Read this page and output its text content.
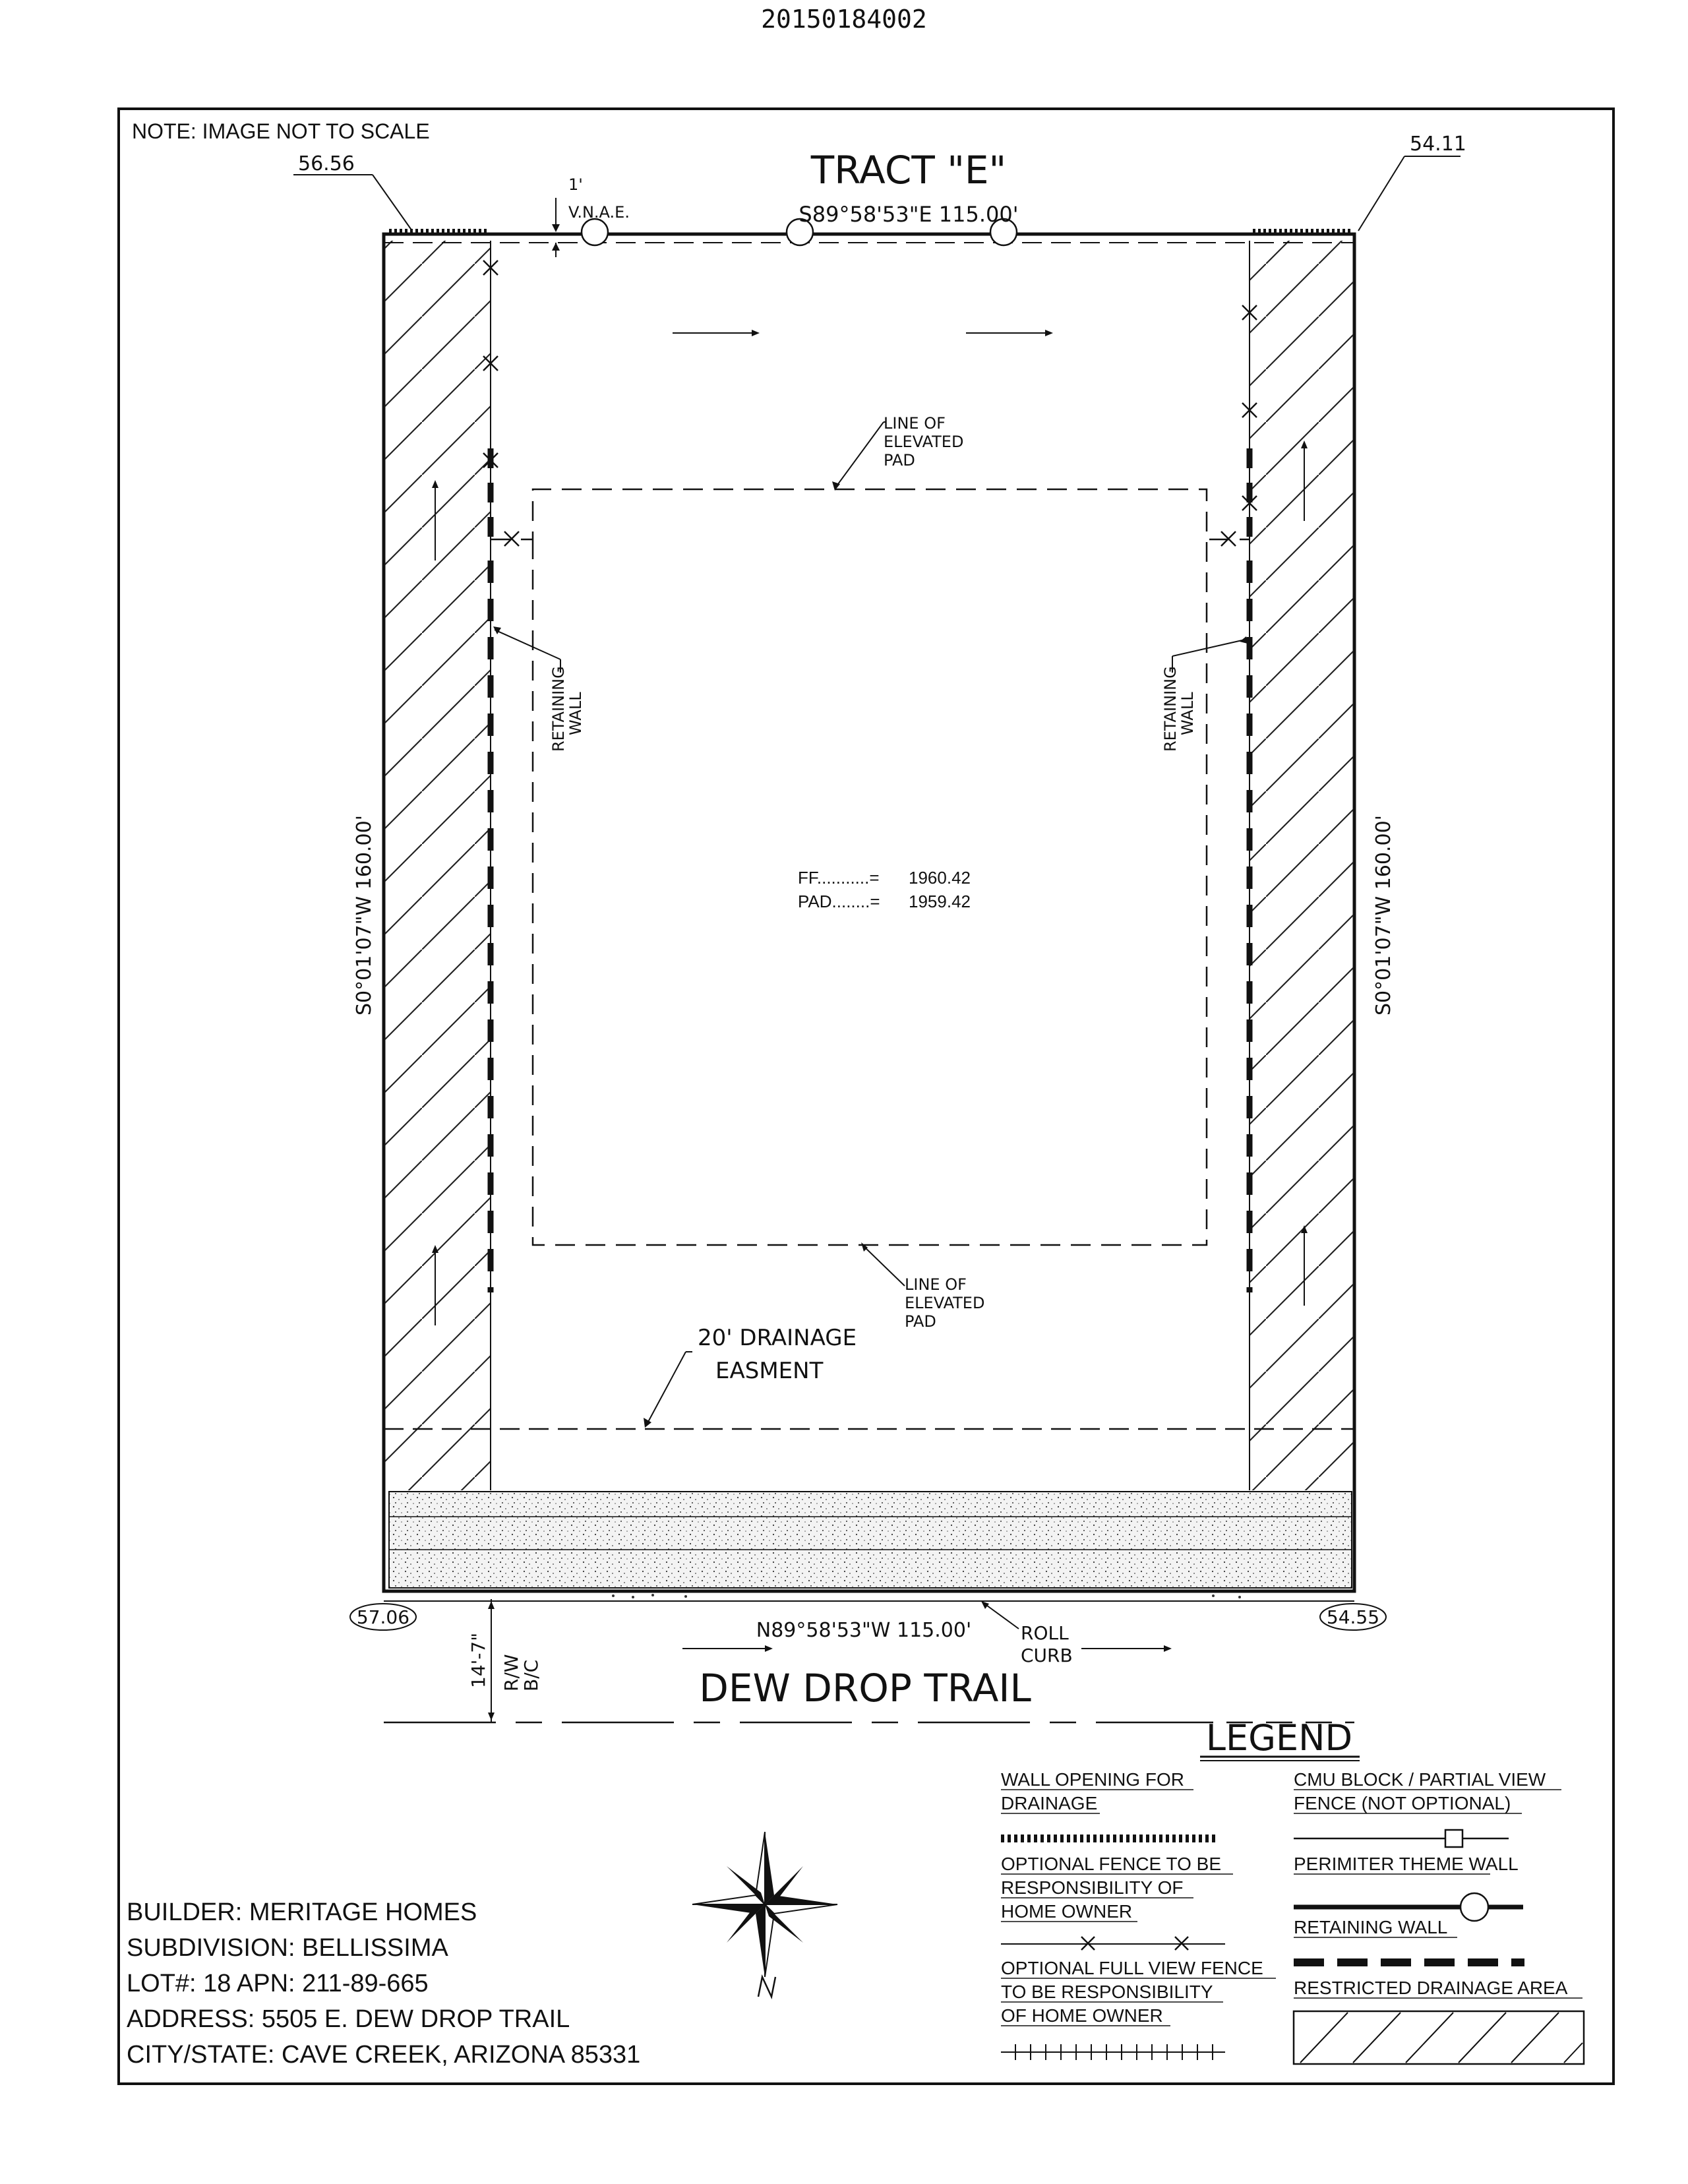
20150184002
NOTE: IMAGE NOT TO SCALE
TRACT "E"
56.56
54.11
S89°58'53"E 115.00'
1'
V.N.A.E.
LINE OF ELEVATED PAD
LINE OF ELEVATED PAD
RETAINING WALL	RETAINING WALL
S0°01'07"W 160.00'	S0°01'07"W 160.00'
FF...........= 1960.42
PAD........= 1959.42
20' DRAINAGE EASMENT
57.06	54.55
N89°58'53"W 115.00'	ROLL CURB
14'-7" R/W B/C	DEW DROP TRAIL
LEGEND
WALL OPENING FOR DRAINAGE
OPTIONAL FENCE TO BE RESPONSIBILITY OF HOME OWNER
OPTIONAL FULL VIEW FENCE TO BE RESPONSIBILITY OF HOME OWNER
CMU BLOCK / PARTIAL VIEW FENCE (NOT OPTIONAL)
PERIMITER THEME WALL
RETAINING WALL
RESTRICTED DRAINAGE AREA
BUILDER: MERITAGE HOMES
SUBDIVISION: BELLISSIMA
LOT#: 18 APN: 211-89-665
ADDRESS: 5505 E. DEW DROP TRAIL
CITY/STATE: CAVE CREEK, ARIZONA 85331
